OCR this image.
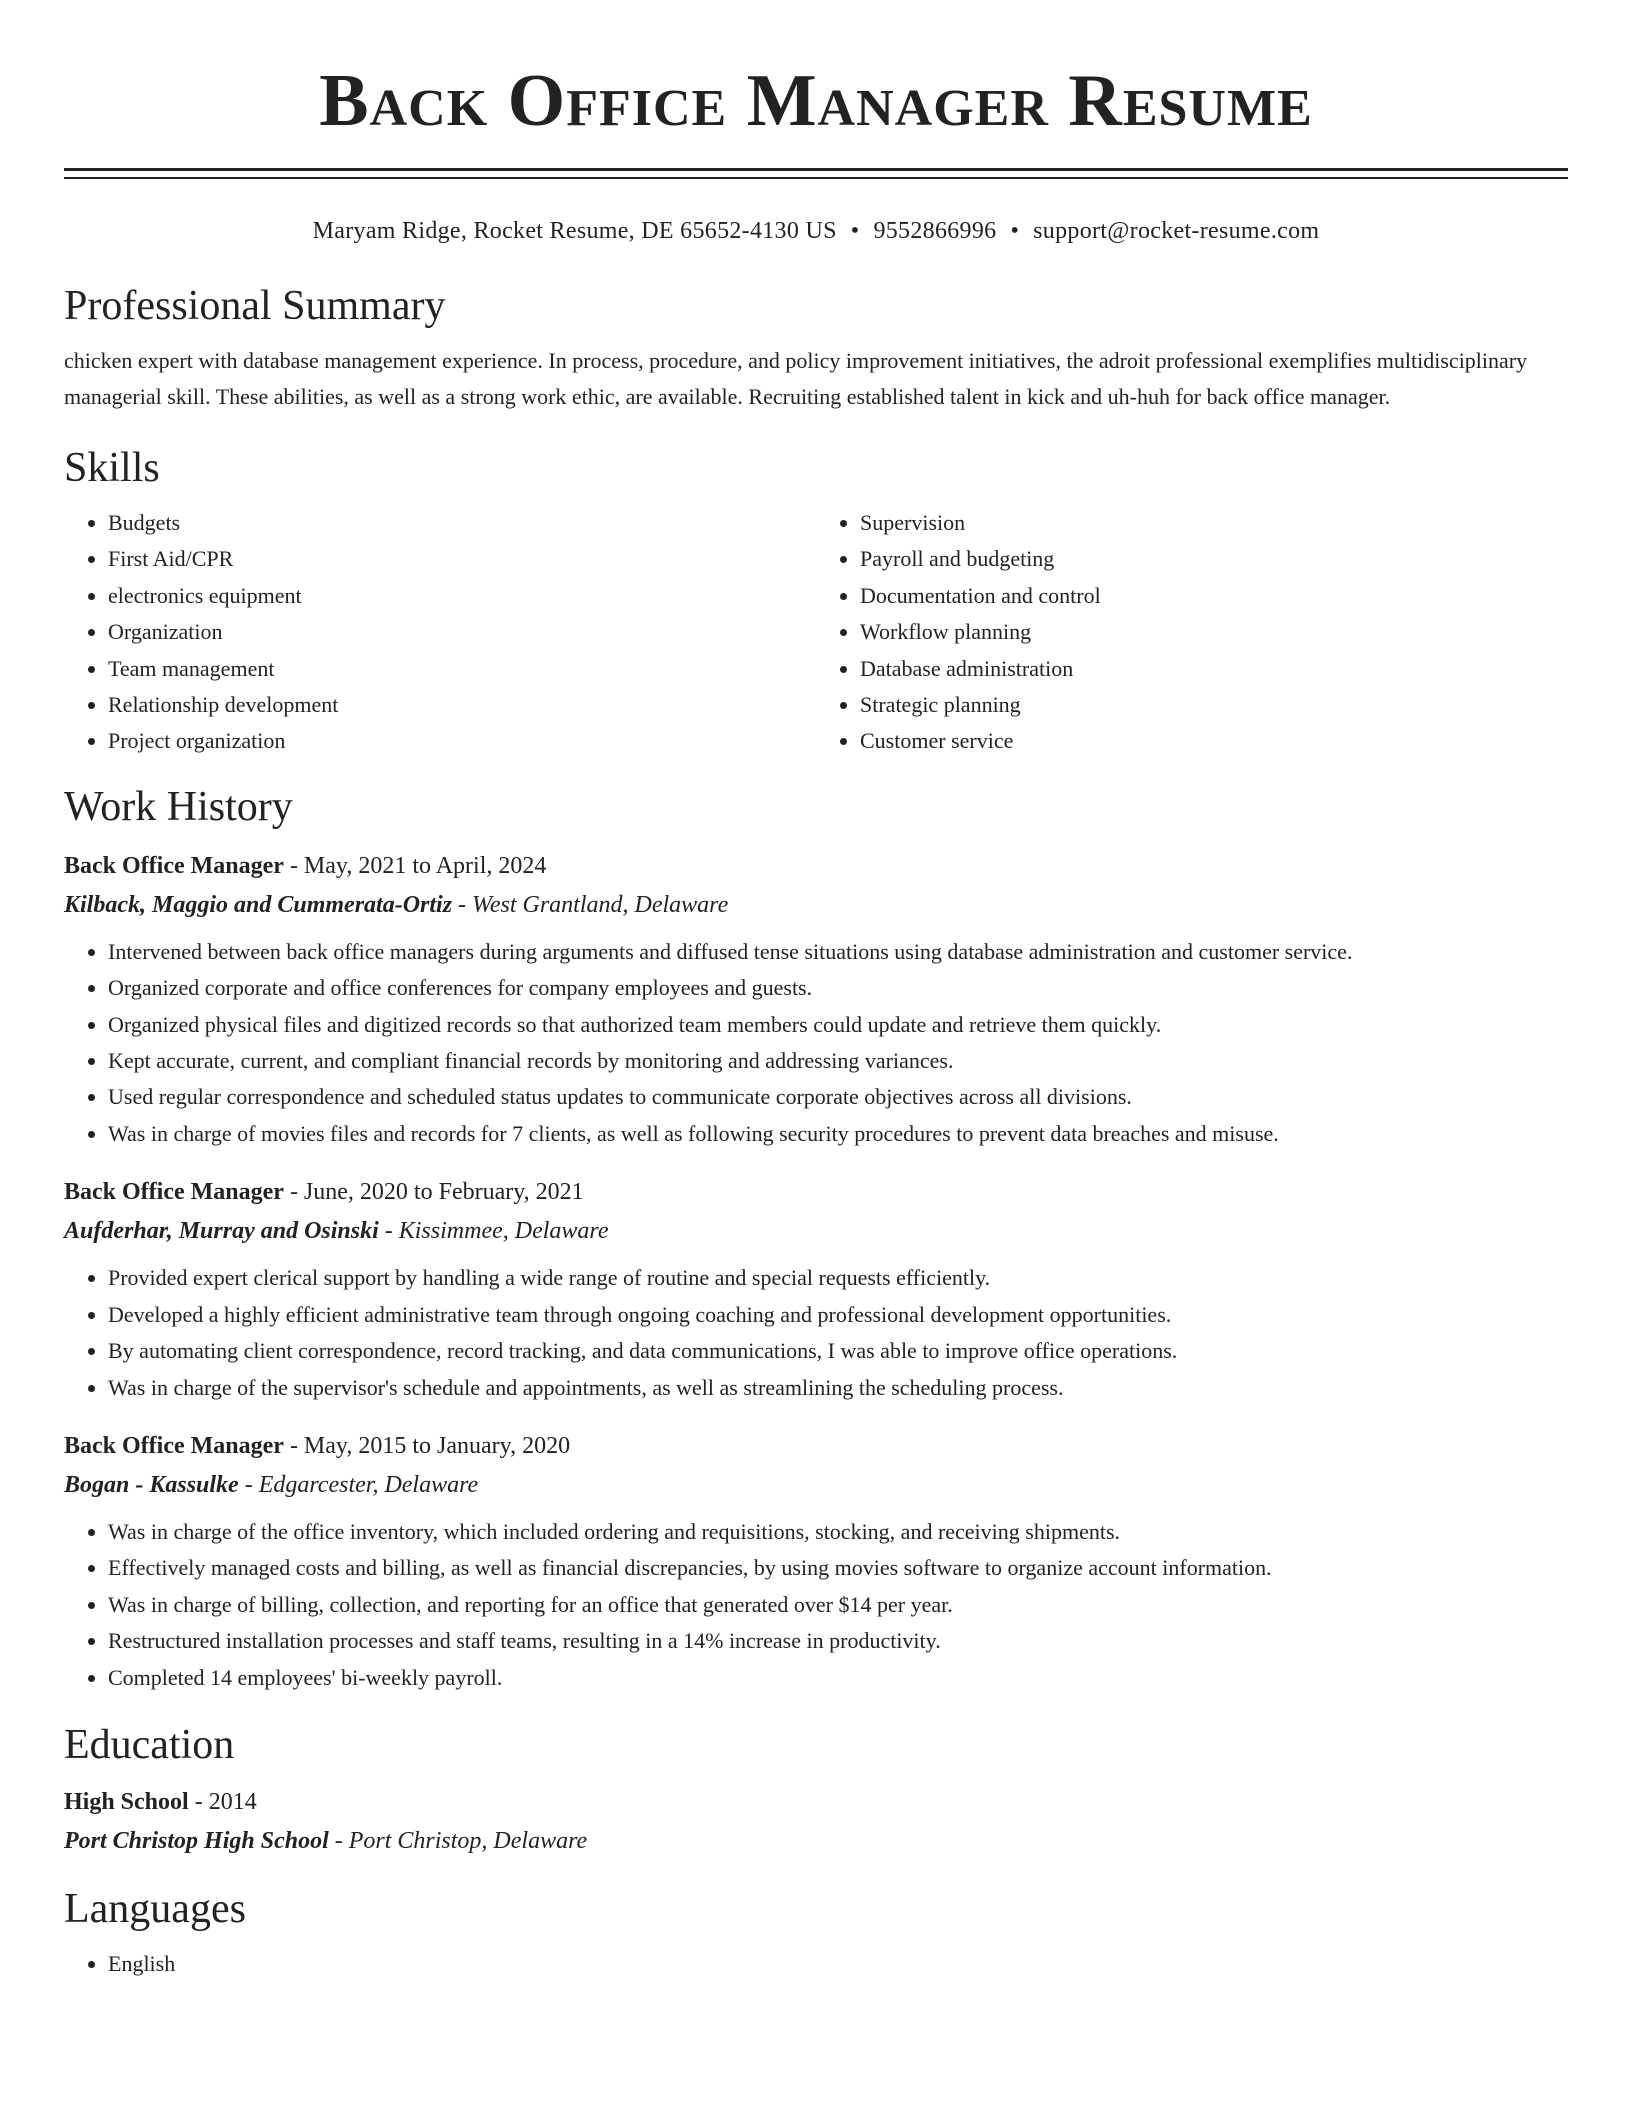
Back Office Manager Resume
Maryam Ridge, Rocket Resume, DE 65652-4130 US • 9552866996 • support@rocket-resume.com
Professional Summary
chicken expert with database management experience. In process, procedure, and policy improvement initiatives, the adroit professional exemplifies multidisciplinary managerial skill. These abilities, as well as a strong work ethic, are available. Recruiting established talent in kick and uh-huh for back office manager.
Skills
• Budgets
• First Aid/CPR
• electronics equipment
• Organization
• Team management
• Relationship development
• Project organization
• Supervision
• Payroll and budgeting
• Documentation and control
• Workflow planning
• Database administration
• Strategic planning
• Customer service
Work History
Back Office Manager - May, 2021 to April, 2024
Kilback, Maggio and Cummerata-Ortiz - West Grantland, Delaware
• Intervened between back office managers during arguments and diffused tense situations using database administration and customer service.
• Organized corporate and office conferences for company employees and guests.
• Organized physical files and digitized records so that authorized team members could update and retrieve them quickly.
• Kept accurate, current, and compliant financial records by monitoring and addressing variances.
• Used regular correspondence and scheduled status updates to communicate corporate objectives across all divisions.
• Was in charge of movies files and records for 7 clients, as well as following security procedures to prevent data breaches and misuse.
Back Office Manager - June, 2020 to February, 2021
Aufderhar, Murray and Osinski - Kissimmee, Delaware
• Provided expert clerical support by handling a wide range of routine and special requests efficiently.
• Developed a highly efficient administrative team through ongoing coaching and professional development opportunities.
• By automating client correspondence, record tracking, and data communications, I was able to improve office operations.
• Was in charge of the supervisor's schedule and appointments, as well as streamlining the scheduling process.
Back Office Manager - May, 2015 to January, 2020
Bogan - Kassulke - Edgarcester, Delaware
• Was in charge of the office inventory, which included ordering and requisitions, stocking, and receiving shipments.
• Effectively managed costs and billing, as well as financial discrepancies, by using movies software to organize account information.
• Was in charge of billing, collection, and reporting for an office that generated over $14 per year.
• Restructured installation processes and staff teams, resulting in a 14% increase in productivity.
• Completed 14 employees' bi-weekly payroll.
Education
High School - 2014
Port Christop High School - Port Christop, Delaware
Languages
• English
